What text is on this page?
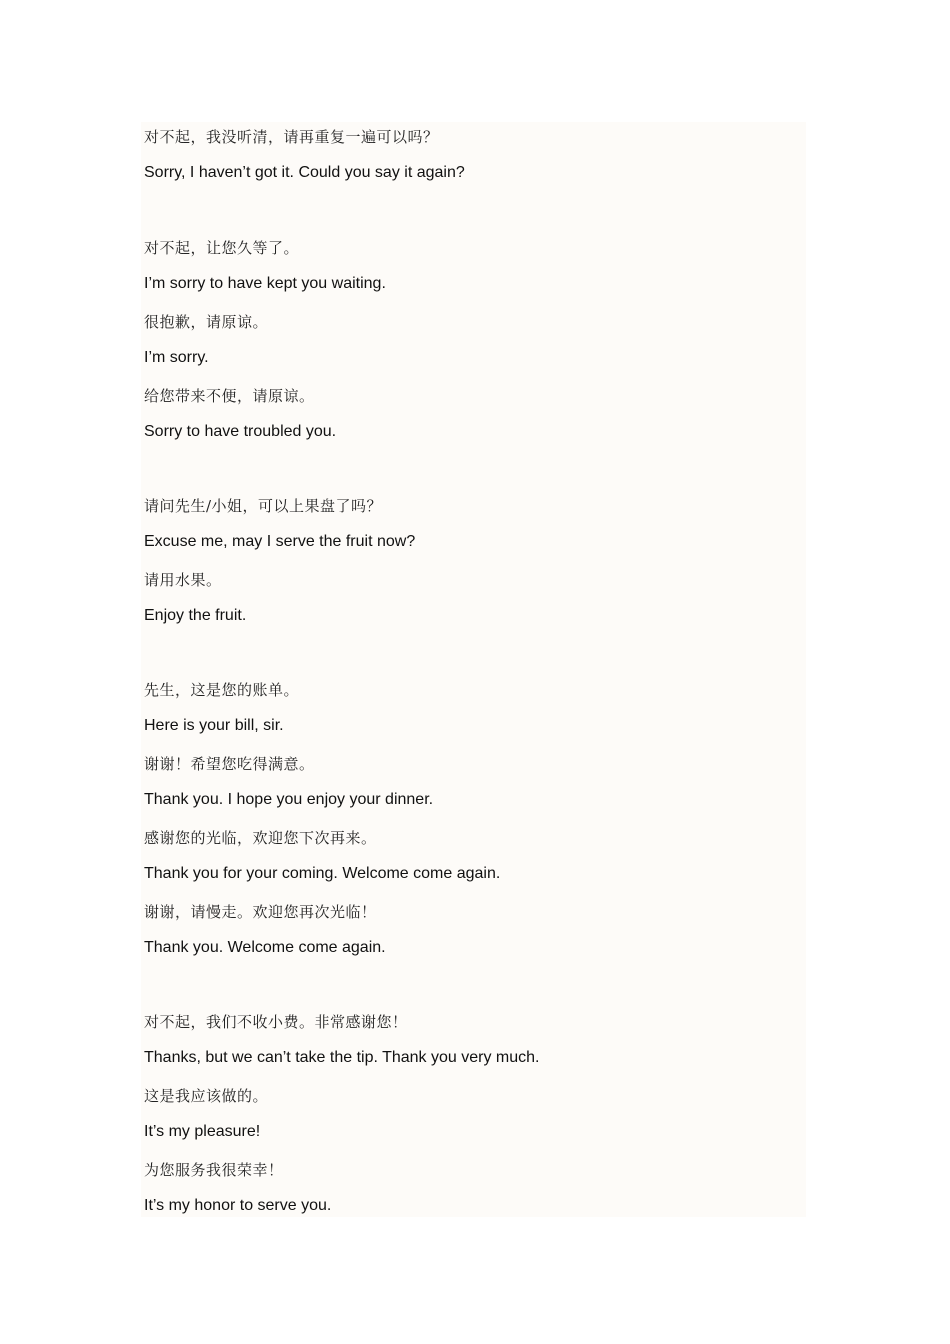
对不起，我没听清，请再重复一遍可以吗？
Sorry, I haven’t got it. Could you say it again?
对不起，让您久等了。
I’m sorry to have kept you waiting.
很抱歉，请原谅。
I’m sorry.
给您带来不便，请原谅。
Sorry to have troubled you.
请问先生/小姐，可以上果盘了吗？
Excuse me, may I serve the fruit now?
请用水果。
Enjoy the fruit.
先生，这是您的账单。
Here is your bill, sir.
谢谢！希望您吃得满意。
Thank you. I hope you enjoy your dinner.
感谢您的光临，欢迎您下次再来。
Thank you for your coming. Welcome come again.
谢谢，请慢走。欢迎您再次光临！
Thank you. Welcome come again.
对不起，我们不收小费。非常感谢您！
Thanks, but we can’t take the tip. Thank you very much.
这是我应该做的。
It’s my pleasure!
为您服务我很荣幸！
It’s my honor to serve you.
